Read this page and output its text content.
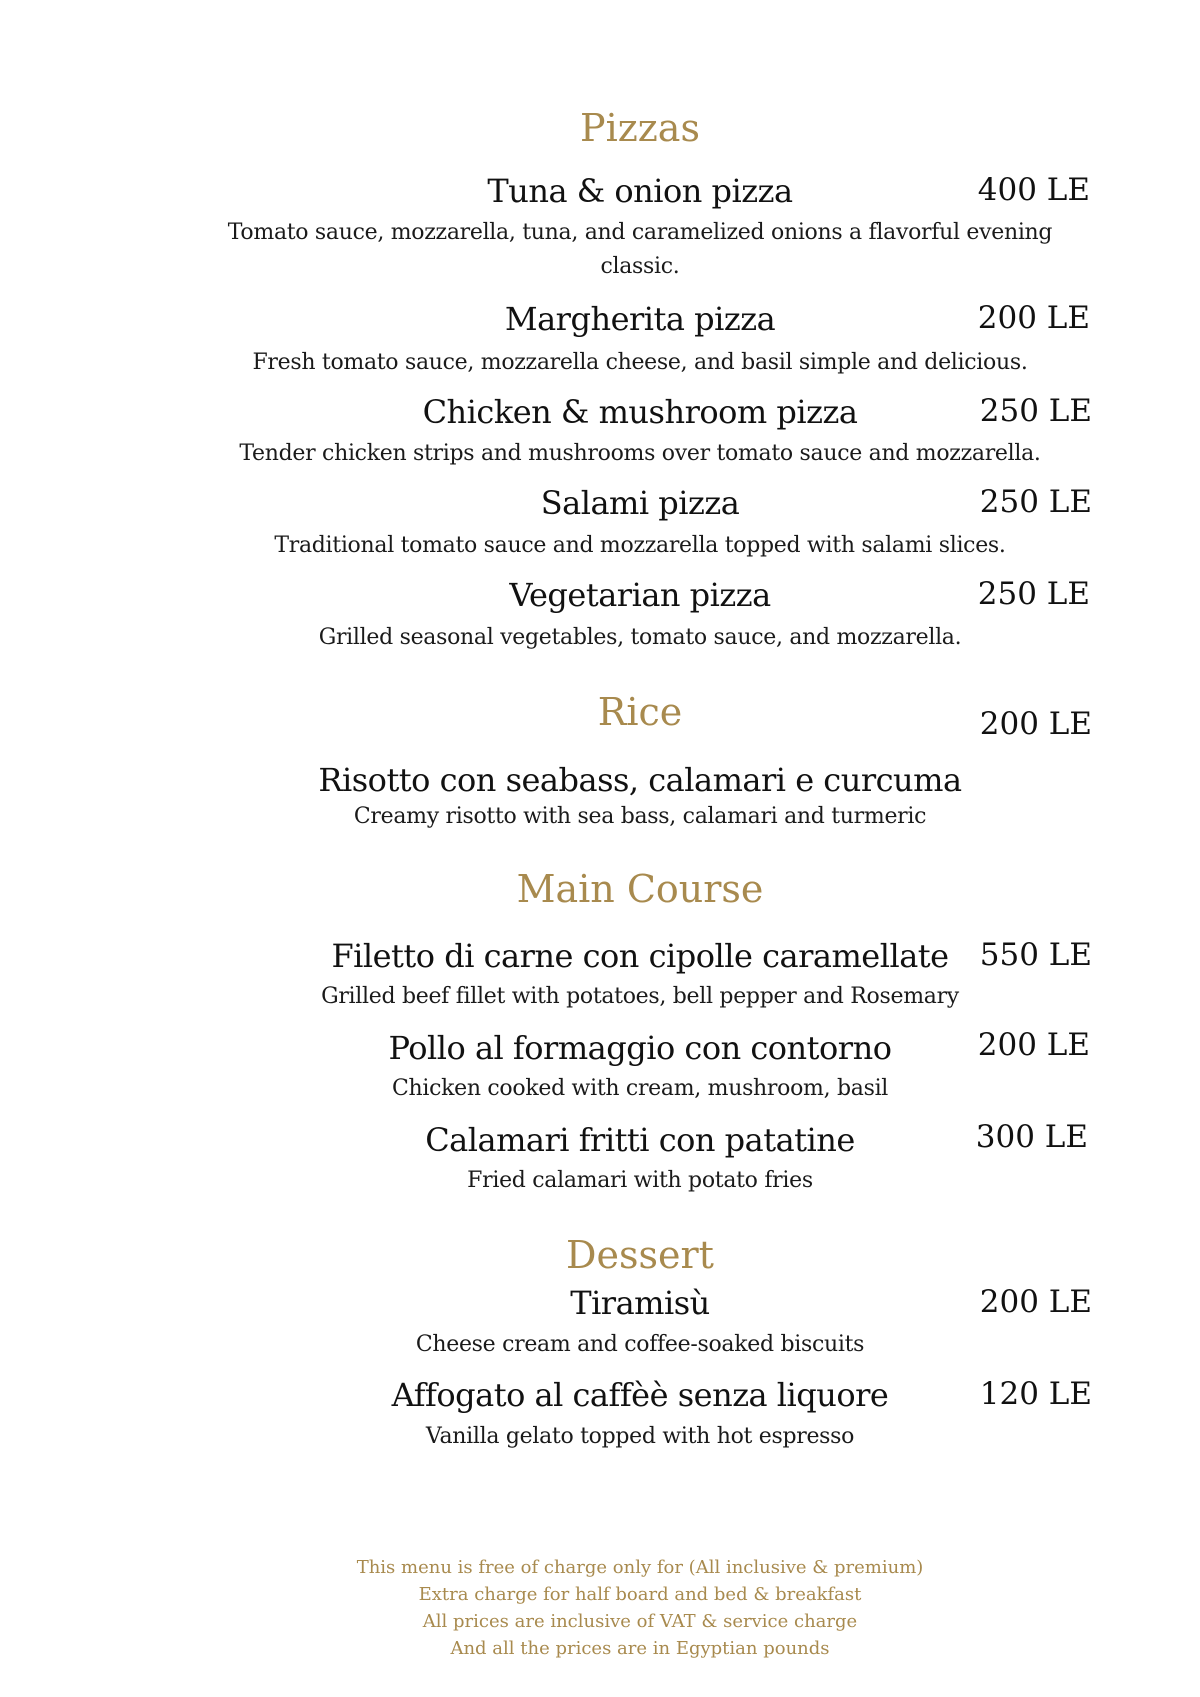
Pizzas
Tuna & onion pizza	400 LE
Tomato sauce, mozzarella, tuna, and caramelized onions a flavorful evening classic.
Margherita pizza	200 LE
Fresh tomato sauce, mozzarella cheese, and basil simple and delicious.
Chicken & mushroom pizza	250 LE
Tender chicken strips and mushrooms over tomato sauce and mozzarella.
Salami pizza	250 LE
Traditional tomato sauce and mozzarella topped with salami slices.
Vegetarian pizza	250 LE
Grilled seasonal vegetables, tomato sauce, and mozzarella.
Rice	200 LE
Risotto con seabass, calamari e curcuma
Creamy risotto with sea bass, calamari and turmeric
Main Course
Filetto di carne con cipolle caramellate	550 LE
Grilled beef fillet with potatoes, bell pepper and Rosemary
Pollo al formaggio con contorno	200 LE
Chicken cooked with cream, mushroom, basil
Calamari fritti con patatine	300 LE
Fried calamari with potato fries
Dessert
Tiramisù	200 LE
Cheese cream and coffee-soaked biscuits
Affogato al caffèè senza liquore	120 LE
Vanilla gelato topped with hot espresso
This menu is free of charge only for (All inclusive & premium)
Extra charge for half board and bed & breakfast
All prices are inclusive of VAT & service charge
And all the prices are in Egyptian pounds
